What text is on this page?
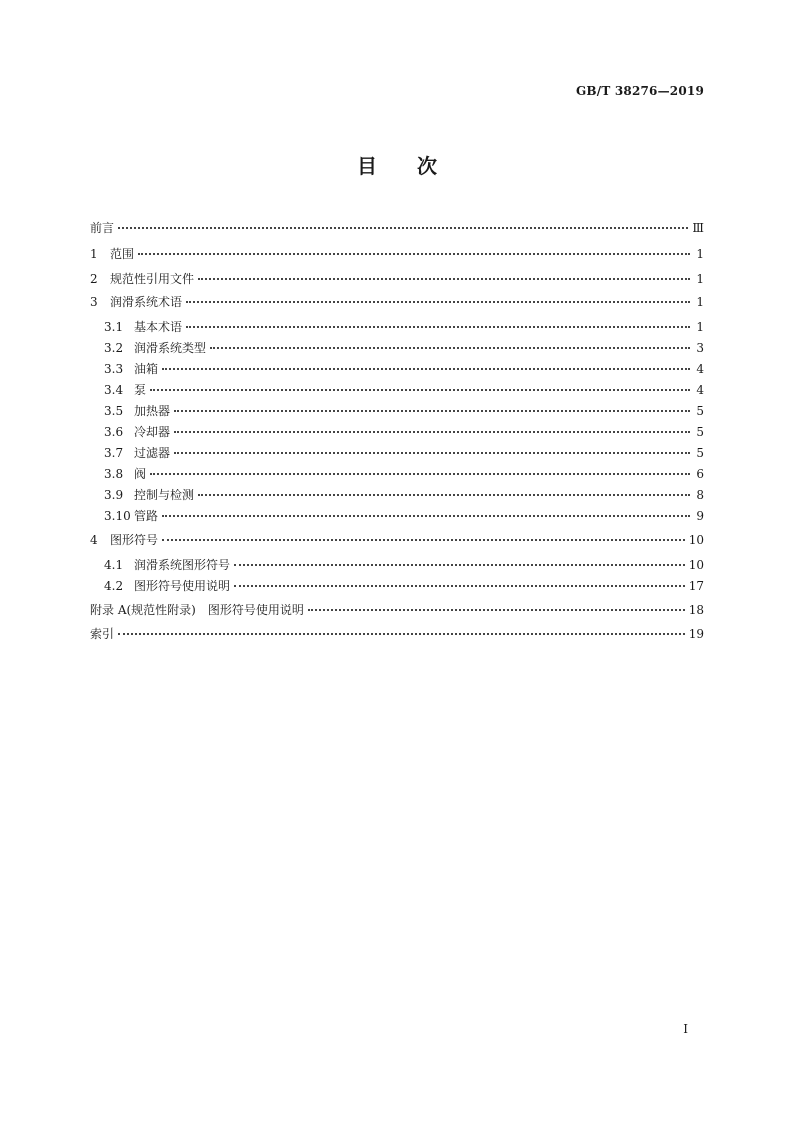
GB/T 38276—2019
目　　次
前言	Ⅲ
1	范围	1
2	规范性引用文件	1
3	润滑系统术语	1
3.1 基本术语	1
3.2 润滑系统类型	3
3.3 油箱	4
3.4 泵	4
3.5 加热器	5
3.6 冷却器	5
3.7 过滤器	5
3.8 阀	6
3.9 控制与检测	8
3.10 管路	9
4	图形符号	10
4.1 润滑系统图形符号	10
4.2 图形符号使用说明	17
附录 A(规范性附录)　图形符号使用说明	18
索引	19
I
